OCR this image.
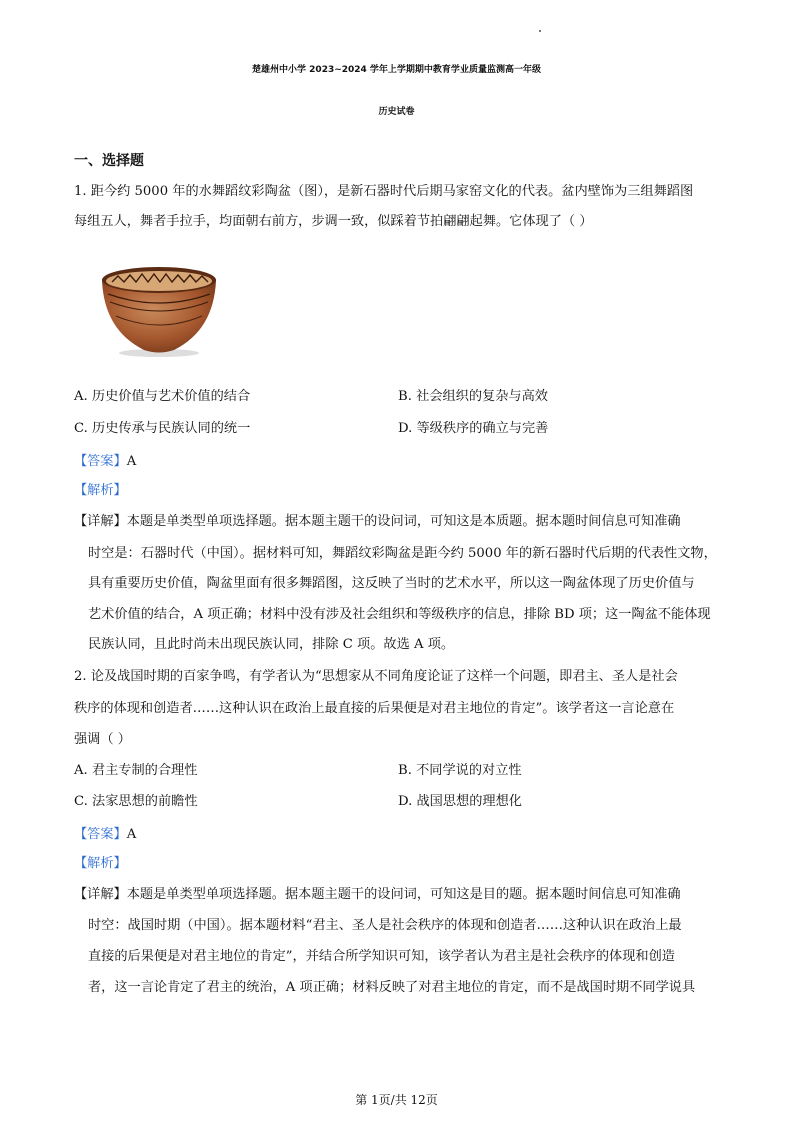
楚雄州中小学 2023~2024 学年上学期期中教育学业质量监测高一年级
历史试卷
一、选择题
1. 距今约 5000 年的水舞蹈纹彩陶盆（图），是新石器时代后期马家窑文化的代表。盆内壁饰为三组舞蹈图
每组五人，舞者手拉手，均面朝右前方，步调一致，似踩着节拍翩翩起舞。它体现了（ ）
A. 历史价值与艺术价值的结合	B. 社会组织的复杂与高效
C. 历史传承与民族认同的统一	D. 等级秩序的确立与完善
【答案】A
【解析】
【详解】本题是单类型单项选择题。据本题主题干的设问词，可知这是本质题。据本题时间信息可知准确
时空是：石器时代（中国）。据材料可知，舞蹈纹彩陶盆是距今约 5000 年的新石器时代后期的代表性文物，
具有重要历史价值，陶盆里面有很多舞蹈图，这反映了当时的艺术水平，所以这一陶盆体现了历史价值与
艺术价值的结合，A 项正确；材料中没有涉及社会组织和等级秩序的信息，排除 BD 项；这一陶盆不能体现
民族认同，且此时尚未出现民族认同，排除 C 项。故选 A 项。
2. 论及战国时期的百家争鸣，有学者认为“思想家从不同角度论证了这样一个问题，即君主、圣人是社会
秩序的体现和创造者……这种认识在政治上最直接的后果便是对君主地位的肯定”。该学者这一言论意在
强调（ ）
A. 君主专制的合理性	B. 不同学说的对立性
C. 法家思想的前瞻性	D. 战国思想的理想化
【答案】A
【解析】
【详解】本题是单类型单项选择题。据本题主题干的设问词，可知这是目的题。据本题时间信息可知准确
时空：战国时期（中国）。据本题材料“君主、圣人是社会秩序的体现和创造者……这种认识在政治上最
直接的后果便是对君主地位的肯定”，并结合所学知识可知，该学者认为君主是社会秩序的体现和创造
者，这一言论肯定了君主的统治，A 项正确；材料反映了对君主地位的肯定，而不是战国时期不同学说具
第 1页/共 12页
